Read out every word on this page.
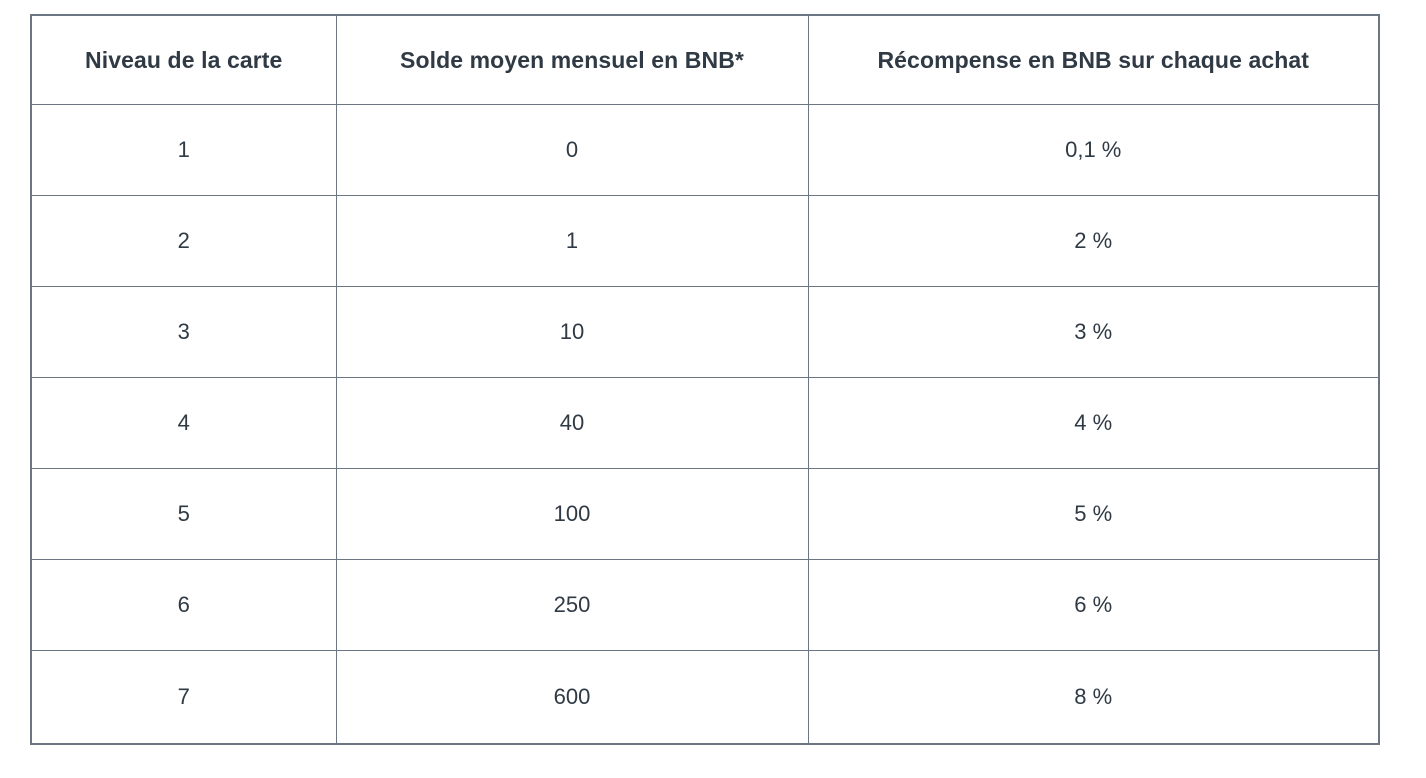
Niveau de la carte	Solde moyen mensuel en BNB*	Récompense en BNB sur chaque achat
1	0	0,1 %
2	1	2 %
3	10	3 %
4	40	4 %
5	100	5 %
6	250	6 %
7	600	8 %
